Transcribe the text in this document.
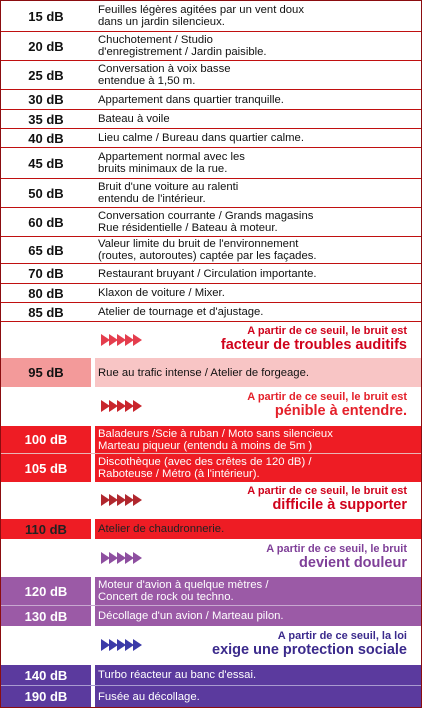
15 dB	Feuilles légères agitées par un vent doux
dans un jardin silencieux.
20 dB	Chuchotement / Studio
d'enregistrement / Jardin paisible.
25 dB	Conversation à voix basse
entendue à 1,50 m.
30 dB	Appartement dans quartier tranquille.
35 dB	Bateau à voile
40 dB	Lieu calme / Bureau dans quartier calme.
45 dB	Appartement normal avec les
bruits minimaux de la rue.
50 dB	Bruit d'une voiture au ralenti
entendu de l'intérieur.
60 dB	Conversation courrante / Grands magasins
Rue résidentielle / Bateau à moteur.
65 dB	Valeur limite du bruit de l'environnement
(routes, autoroutes) captée par les façades.
70 dB	Restaurant bruyant / Circulation importante.
80 dB	Klaxon de voiture / Mixer.
85 dB	Atelier de tournage et d'ajustage.
A partir de ce seuil, le bruit est
facteur de troubles auditifs
95 dB	Rue au trafic intense / Atelier de forgeage.
A partir de ce seuil, le bruit est
pénible à entendre.
100 dB	Baladeurs /Scie à ruban / Moto sans silencieux
Marteau piqueur (entendu à moins de 5m )
105 dB	Discothèque (avec des crêtes de 120 dB) /
Raboteuse / Métro (à l'intérieur).
A partir de ce seuil, le bruit est
difficile à supporter
110 dB	Atelier de chaudronnerie.
A partir de ce seuil, le bruit
devient douleur
120 dB	Moteur d'avion à quelque mètres /
Concert de rock ou techno.
130 dB	Décollage d'un avion / Marteau pilon.
A partir de ce seuil, la loi
exige une protection sociale
140 dB	Turbo réacteur au banc d'essai.
190 dB	Fusée au décollage.
